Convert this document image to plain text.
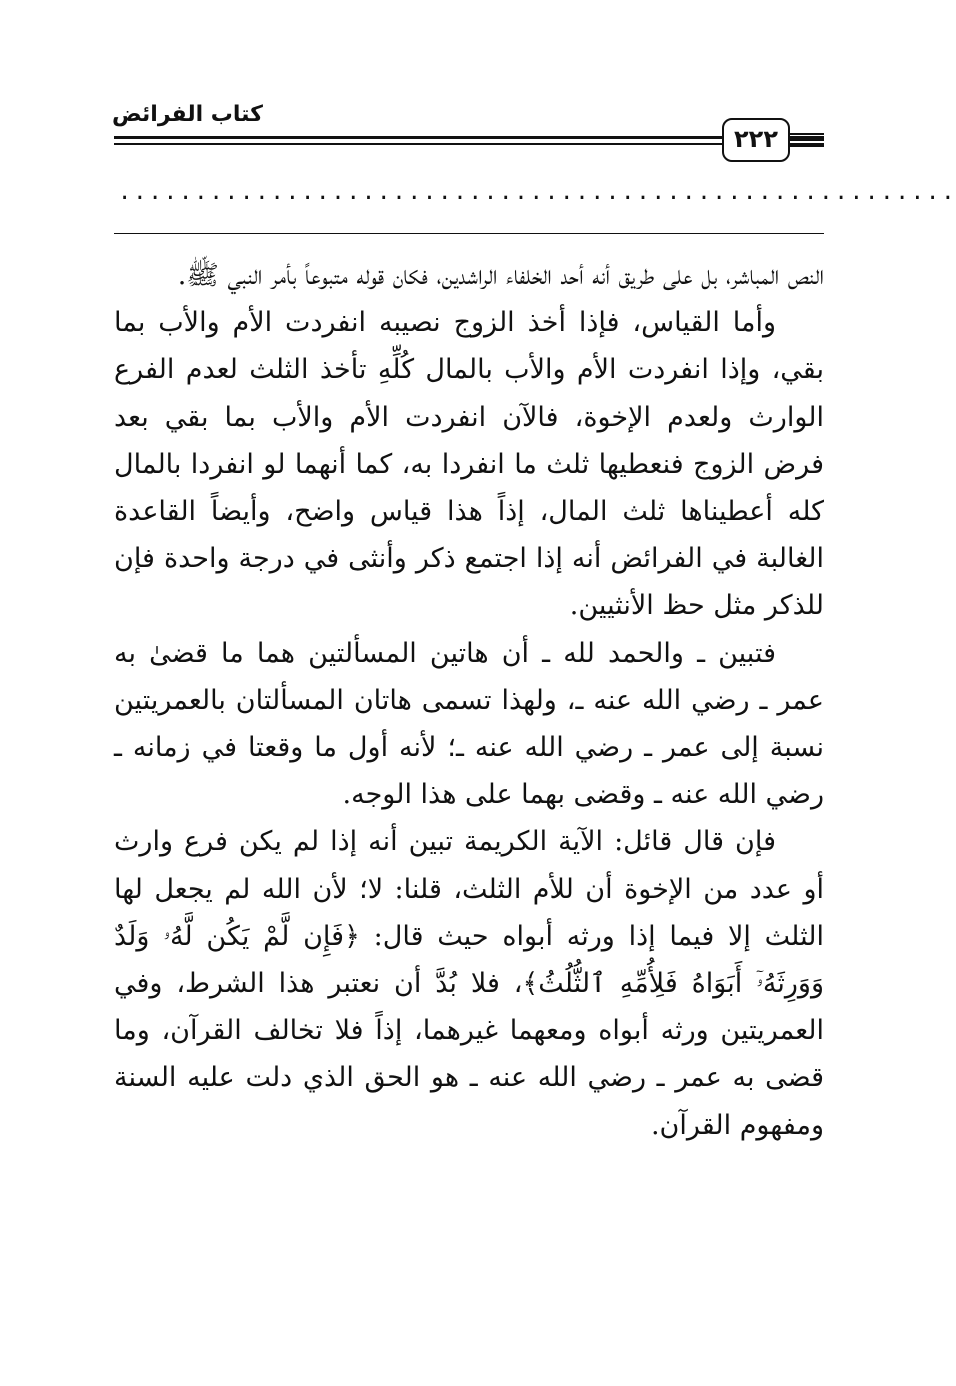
كتاب الفرائض
٢٢٢
.......................................................

النص المباشر، بل على طريق أنه أحد الخلفاء الراشدين، فكان قوله متبوعاً بأمر النبي ﷺ.

وأما القياس، فإذا أخذ الزوج نصيبه انفردت الأم والأب بما بقي، وإذا انفردت الأم والأب بالمال كُلِّهِ تأخذ الثلث لعدم الفرع الوارث ولعدم الإخوة، فالآن انفردت الأم والأب بما بقي بعد فرض الزوج فنعطيها ثلث ما انفردا به، كما أنهما لو انفردا بالمال كله أعطيناها ثلث المال، إذاً هذا قياس واضح، وأيضاً القاعدة الغالبة في الفرائض أنه إذا اجتمع ذكر وأنثى في درجة واحدة فإن للذكر مثل حظ الأنثيين.

فتبين ـ والحمد لله ـ أن هاتين المسألتين هما ما قضىٰ به عمر ـ رضي الله عنه ـ، ولهذا تسمى هاتان المسألتان بالعمريتين نسبة إلى عمر ـ رضي الله عنه ـ؛ لأنه أول ما وقعتا في زمانه ـ رضي الله عنه ـ وقضى بهما على هذا الوجه.

فإن قال قائل: الآية الكريمة تبين أنه إذا لم يكن فرع وارث أو عدد من الإخوة أن للأم الثلث، قلنا: لا؛ لأن الله لم يجعل لها الثلث إلا فيما إذا ورثه أبواه حيث قال: ﴿فَإِن لَّمْ يَكُن لَّهُۥ وَلَدٌ وَوَرِثَهُۥٓ أَبَوَاهُ فَلِأُمِّهِ ٱلثُّلُثُ﴾، فلا بُدَّ أن نعتبر هذا الشرط، وفي العمريتين ورثه أبواه ومعهما غيرهما، إذاً فلا تخالف القرآن، وما قضى به عمر ـ رضي الله عنه ـ هو الحق الذي دلت عليه السنة ومفهوم القرآن.
